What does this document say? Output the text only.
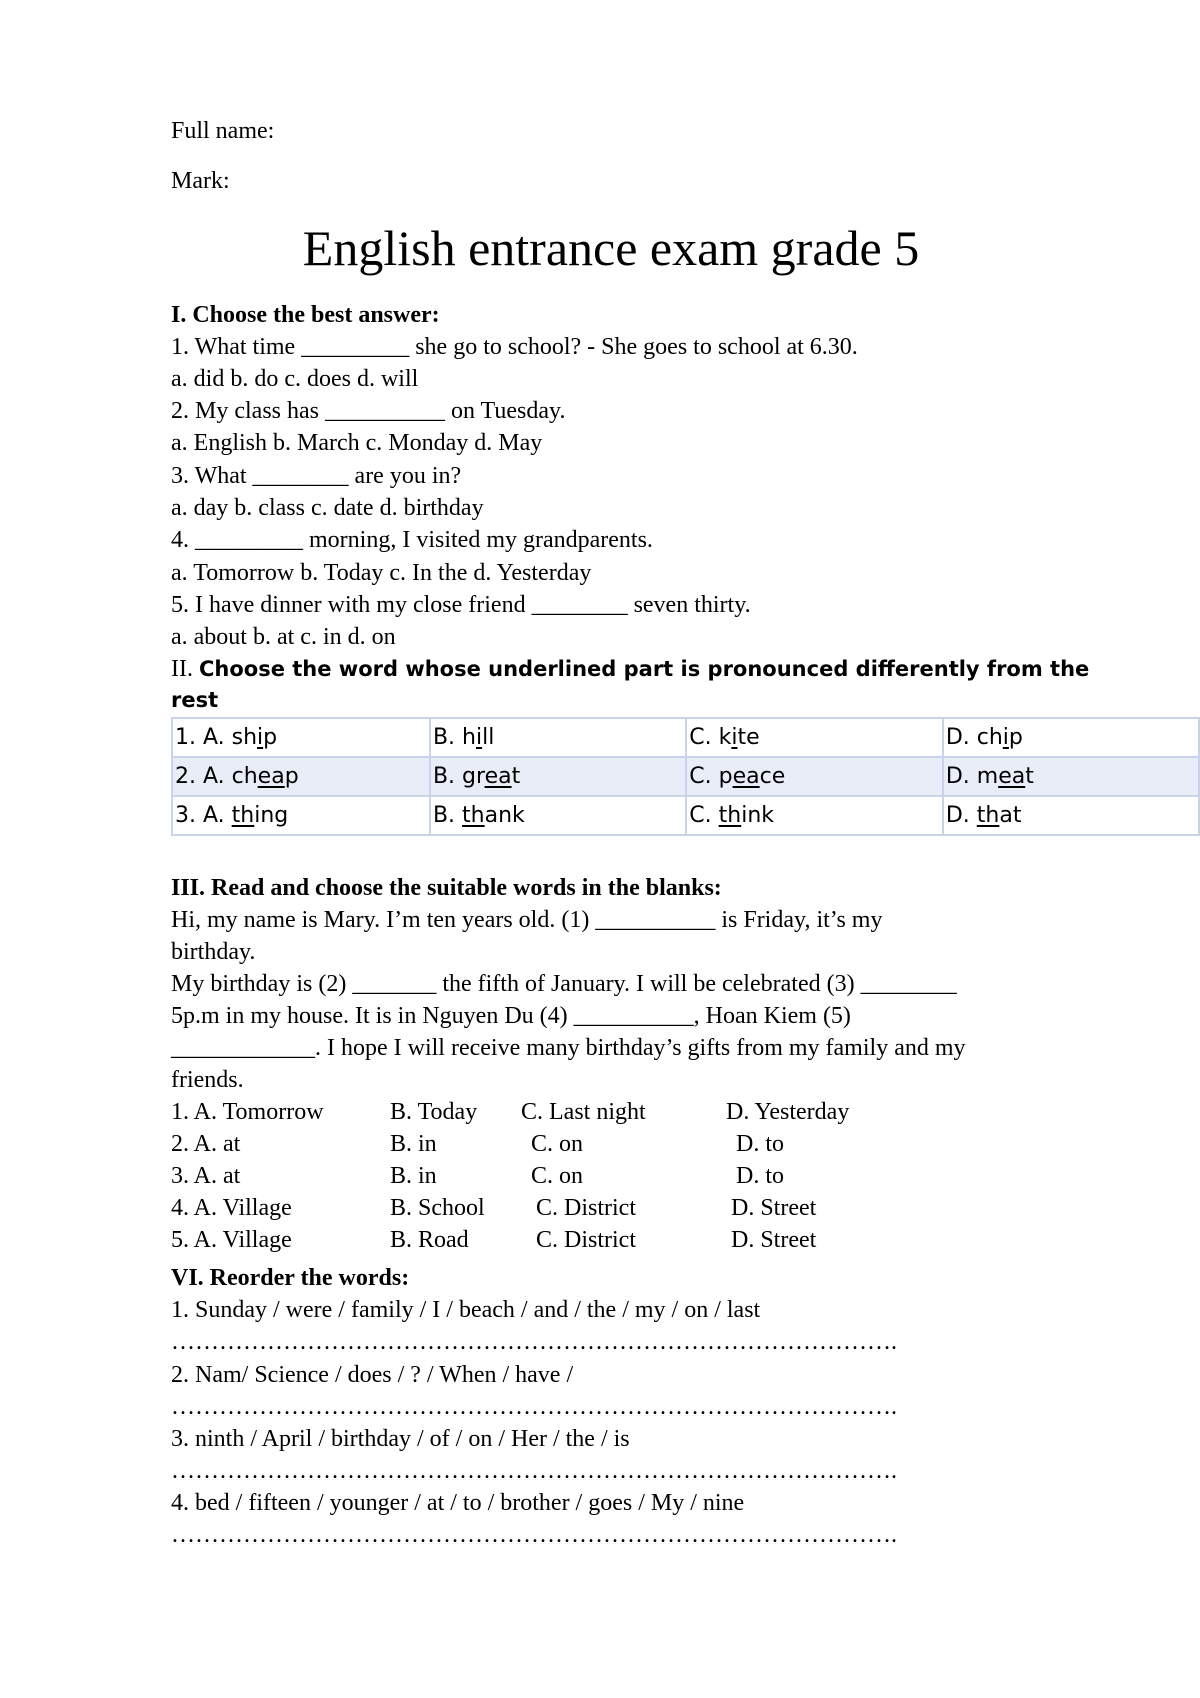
Full name:
Mark:
English entrance exam grade 5
I. Choose the best answer:
1. What time _________ she go to school? - She goes to school at 6.30.
a. did b. do c. does d. will
2. My class has __________ on Tuesday.
a. English b. March c. Monday d. May
3. What ________ are you in?
a. day b. class c. date d. birthday
4. _________ morning, I visited my grandparents.
a. Tomorrow b. Today c. In the d. Yesterday
5. I have dinner with my close friend ________ seven thirty.
a. about b. at c. in d. on
II. Choose the word whose underlined part is pronounced differently from the
rest
1. A. ship	B. hill	C. kite	D. chip
2. A. cheap	B. great	C. peace	D. meat
3. A. thing	B. thank	C. think	D. that
III. Read and choose the suitable words in the blanks:
Hi, my name is Mary. I’m ten years old. (1) __________ is Friday, it’s my
birthday.
My birthday is (2) _______ the fifth of January. I will be celebrated (3) ________
5p.m in my house. It is in Nguyen Du (4) __________, Hoan Kiem (5)
____________. I hope I will receive many birthday’s gifts from my family and my
friends.
1. A. Tomorrow	B. Today C. Last night	D. Yesterday
2. A. at	B. in	C. on	D. to
3. A. at	B. in	C. on	D. to
4. A. Village	B. School C. District	D. Street
5. A. Village	B. Road	C. District	D. Street
VI. Reorder the words:
1. Sunday / were / family / I / beach / and / the / my / on / last
……………………………………………………………………………….
2. Nam/ Science / does / ? / When / have /
……………………………………………………………………………….
3. ninth / April / birthday / of / on / Her / the / is
……………………………………………………………………………….
4. bed / fifteen / younger / at / to / brother / goes / My / nine
……………………………………………………………………………….
